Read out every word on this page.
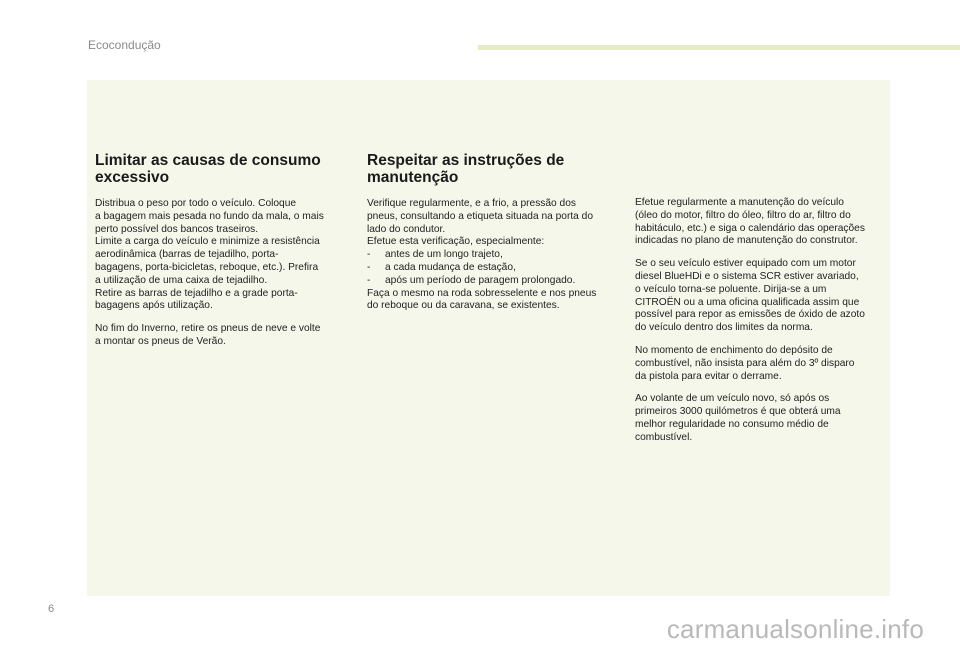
Ecocondução
Limitar as causas de consumo excessivo

Distribua o peso por todo o veículo. Coloque
a bagagem mais pesada no fundo da mala, o mais
perto possível dos bancos traseiros.
Limite a carga do veículo e minimize a resistência
aerodinâmica (barras de tejadilho, porta-
bagagens, porta-bicicletas, reboque, etc.). Prefira
a utilização de uma caixa de tejadilho.
Retire as barras de tejadilho e a grade porta-
bagagens após utilização.

No fim do Inverno, retire os pneus de neve e volte
a montar os pneus de Verão.

Respeitar as instruções de manutenção

Verifique regularmente, e a frio, a pressão dos
pneus, consultando a etiqueta situada na porta do
lado do condutor.
Efetue esta verificação, especialmente:
- antes de um longo trajeto,
- a cada mudança de estação,
- após um período de paragem prolongado.
Faça o mesmo na roda sobresselente e nos pneus
do reboque ou da caravana, se existentes.

Efetue regularmente a manutenção do veículo
(óleo do motor, filtro do óleo, filtro do ar, filtro do
habitáculo, etc.) e siga o calendário das operações
indicadas no plano de manutenção do construtor.

Se o seu veículo estiver equipado com um motor
diesel BlueHDi e o sistema SCR estiver avariado,
o veículo torna-se poluente. Dirija-se a um
CITROËN ou a uma oficina qualificada assim que
possível para repor as emissões de óxido de azoto
do veículo dentro dos limites da norma.

No momento de enchimento do depósito de
combustível, não insista para além do 3º disparo
da pistola para evitar o derrame.

Ao volante de um veículo novo, só após os
primeiros 3000 quilómetros é que obterá uma
melhor regularidade no consumo médio de
combustível.

6
carmanualsonline.info
